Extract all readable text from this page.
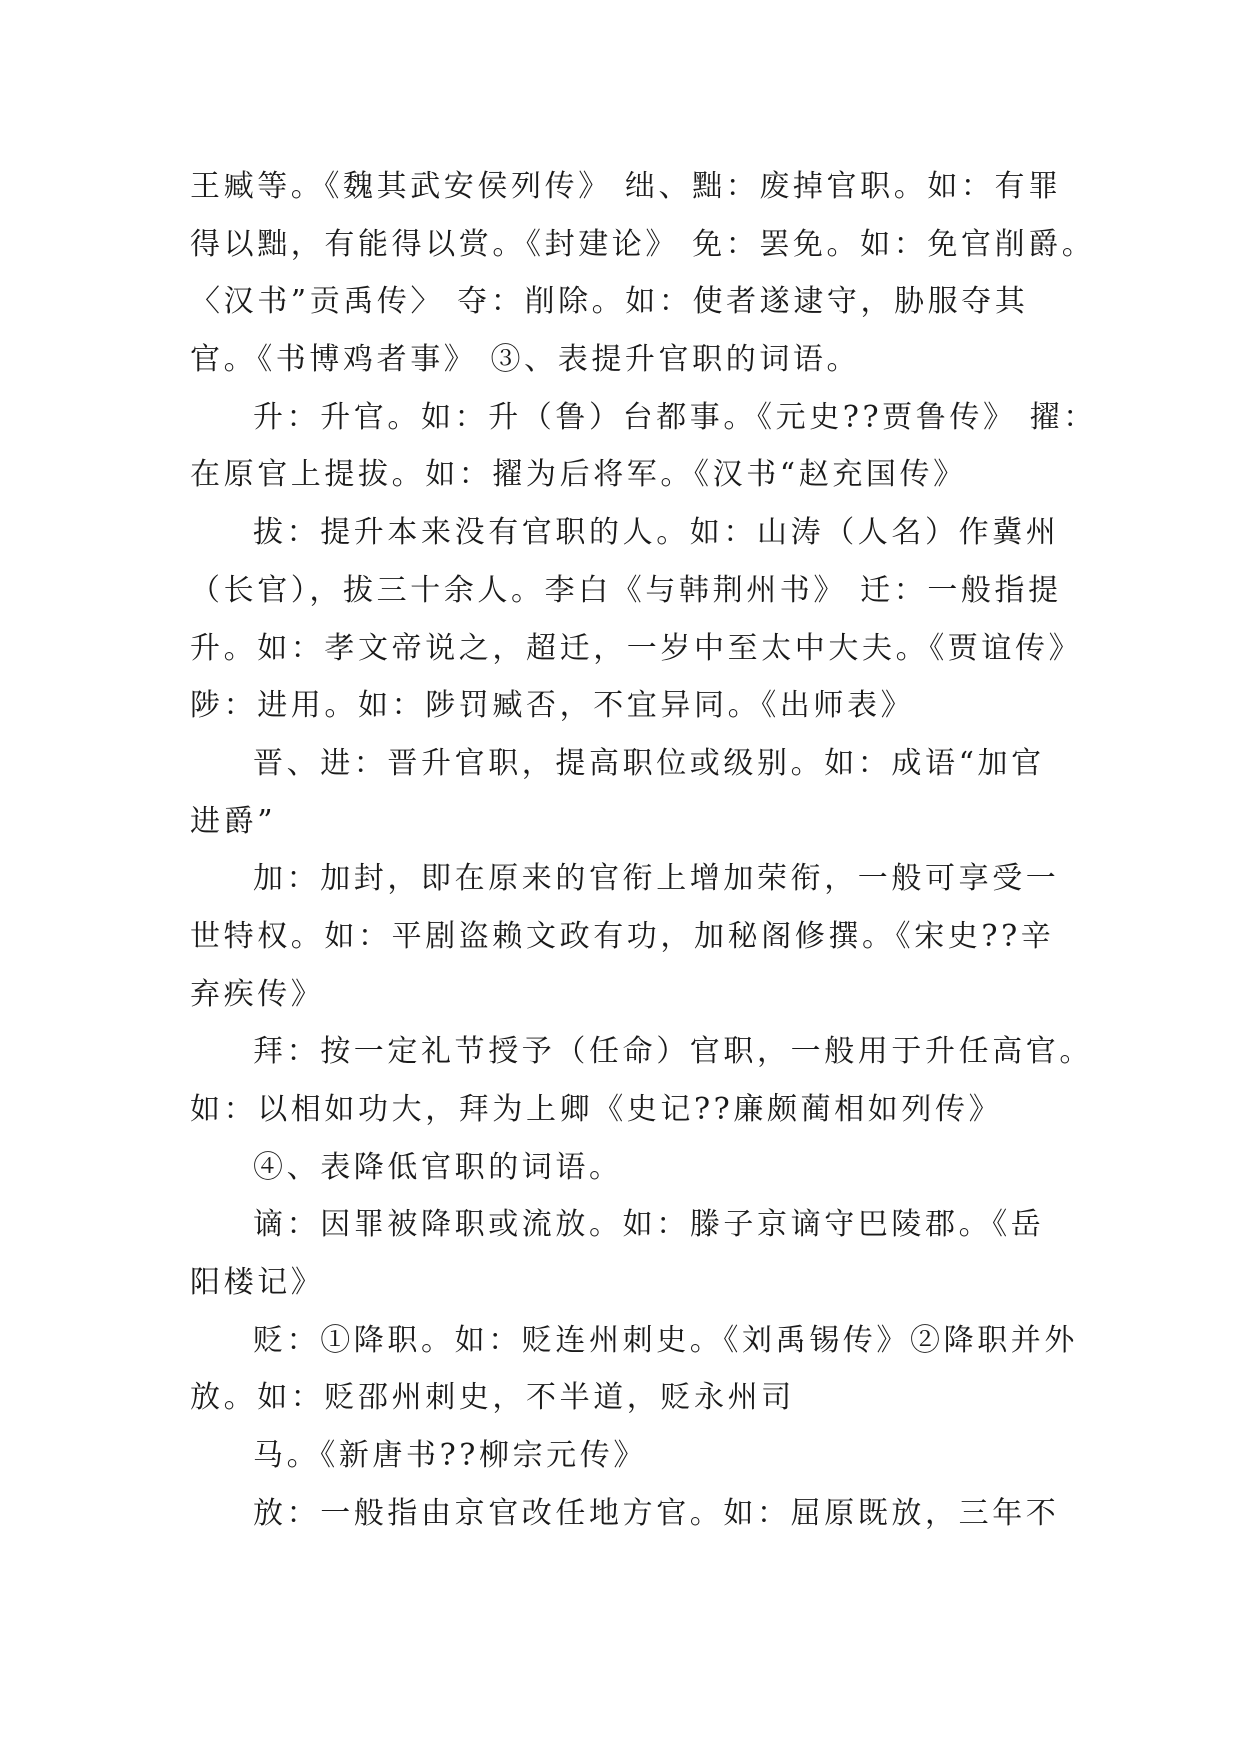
王臧等。《魏其武安侯列传》 绌、黜：废掉官职。如：有罪
得以黜，有能得以赏。《封建论》 免：罢免。如：免官削爵。
〈汉书”贡禹传〉 夺：削除。如：使者遂逮守，胁服夺其
官。《书博鸡者事》 ③、表提升官职的词语。
升：升官。如：升（鲁）台都事。《元史??贾鲁传》 擢：
在原官上提拔。如：擢为后将军。《汉书“赵充国传》
拔：提升本来没有官职的人。如：山涛（人名）作冀州
（长官），拔三十余人。李白《与韩荆州书》 迁：一般指提
升。如：孝文帝说之，超迁，一岁中至太中大夫。《贾谊传》
陟：进用。如：陟罚臧否，不宜异同。《出师表》
晋、进：晋升官职，提高职位或级别。如：成语“加官
进爵”
加：加封，即在原来的官衔上增加荣衔，一般可享受一
世特权。如：平剧盗赖文政有功，加秘阁修撰。《宋史??辛
弃疾传》
拜：按一定礼节授予（任命）官职，一般用于升任高官。
如：以相如功大，拜为上卿《史记??廉颇蔺相如列传》
④、表降低官职的词语。
谪：因罪被降职或流放。如：滕子京谪守巴陵郡。《岳
阳楼记》
贬：①降职。如：贬连州刺史。《刘禹锡传》②降职并外
放。如：贬邵州刺史，不半道，贬永州司
马。《新唐书??柳宗元传》
放：一般指由京官改任地方官。如：屈原既放，三年不
